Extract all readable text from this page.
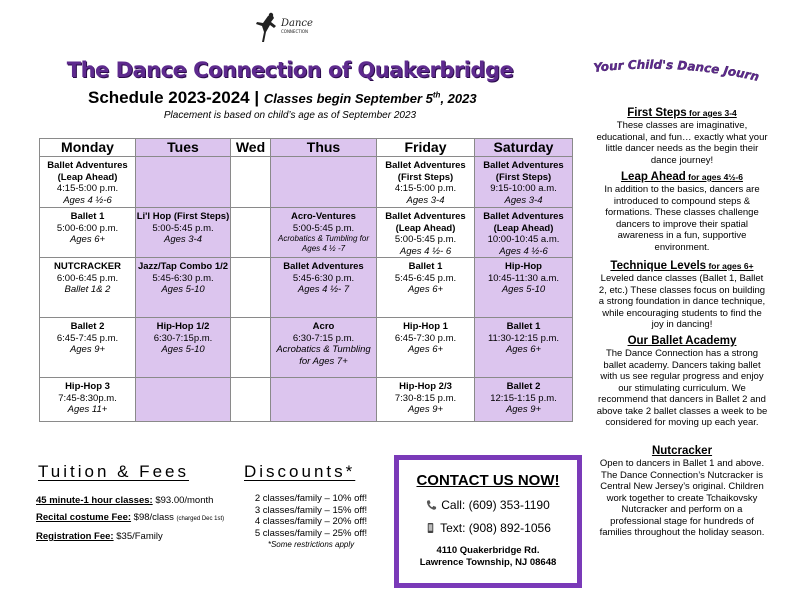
Dance
CONNECTION
The Dance Connection of Quakerbridge
Schedule 2023-2024 | Classes begin September 5th, 2023
Placement is based on child’s age as of September 2023
Monday	Tues	Wed	Thus	Friday	Saturday

Ballet Adventures (Leap Ahead)
4:15-5:00 p.m.
Ages 4 ½-6				Ballet Adventures (First Steps)
4:15-5:00 p.m.
Ages 3-4	Ballet Adventures (First Steps)
9:15-10:00 a.m.
Ages 3-4

Ballet 1
5:00-6:00 p.m.
Ages 6+	Li'l Hop (First Steps)
5:00-5:45 p.m.
Ages 3-4		Acro-Ventures
5:00-5:45 p.m.
Acrobatics & Tumbling for Ages 4 ½ -7	Ballet Adventures (Leap Ahead)
5:00-5:45 p.m.
Ages 4 ½- 6	Ballet Adventures (Leap Ahead)
10:00-10:45 a.m.
Ages 4 ½-6

NUTCRACKER
6:00-6:45 p.m.
Ballet 1& 2	Jazz/Tap Combo 1/2
5:45-6:30 p.m.
Ages 5-10		Ballet Adventures
5:45-6:30 p.m.
Ages 4 ½- 7	Ballet 1
5:45-6:45 p.m.
Ages 6+	Hip-Hop
10:45-11:30 a.m.
Ages 5-10

Ballet 2
6:45-7:45 p.m.
Ages 9+	Hip-Hop 1/2
6:30-7:15p.m.
Ages 5-10		Acro
6:30-7:15 p.m.
Acrobatics & Tumbling for Ages 7+	Hip-Hop 1
6:45-7:30 p.m.
Ages 6+	Ballet 1
11:30-12:15 p.m.
Ages 6+

Hip-Hop 3
7:45-8:30p.m.
Ages 11+				Hip-Hop 2/3
7:30-8:15 p.m.
Ages 9+	Ballet 2
12:15-1:15 p.m.
Ages 9+
Your Child's Dance Journ
First Steps for ages 3-4

These classes are imaginative, educational, and fun… exactly what your little dancer needs as the begin their dance journey!

Leap Ahead for ages 4½-6

In addition to the basics, dancers are introduced to compound steps & formations. These classes challenge dancers to improve their spatial awareness in a fun, supportive environment.

Technique Levels for ages 6+

Leveled dance classes (Ballet 1, Ballet 2, etc.) These classes focus on building a strong foundation in dance technique, while encouraging students to find the joy in dancing!

Our Ballet Academy

The Dance Connection has a strong ballet academy. Dancers taking ballet with us see regular progress and enjoy our stimulating curriculum. We recommend that dancers in Ballet 2 and above take 2 ballet classes a week to be considered for moving up each year.

Nutcracker

Open to dancers in Ballet 1 and above. The Dance Connection’s Nutcracker is Central New Jersey’s original. Children work together to create Tchaikovsky Nutcracker and perform on a professional stage for hundreds of families throughout the holiday season.

Tuition & Fees
45 minute-1 hour classes: $93.00/month
Recital costume Fee: $98/class (charged Dec 1st)
Registration Fee: $35/Family
Discounts*
2 classes/family – 10% off!
3 classes/family – 15% off!
4 classes/family – 20% off!
5 classes/family – 25% off!
*Some restrictions apply
CONTACT US NOW!
Call: (609) 353-1190
Text: (908) 892-1056
4110 Quakerbridge Rd.
Lawrence Township, NJ 08648
